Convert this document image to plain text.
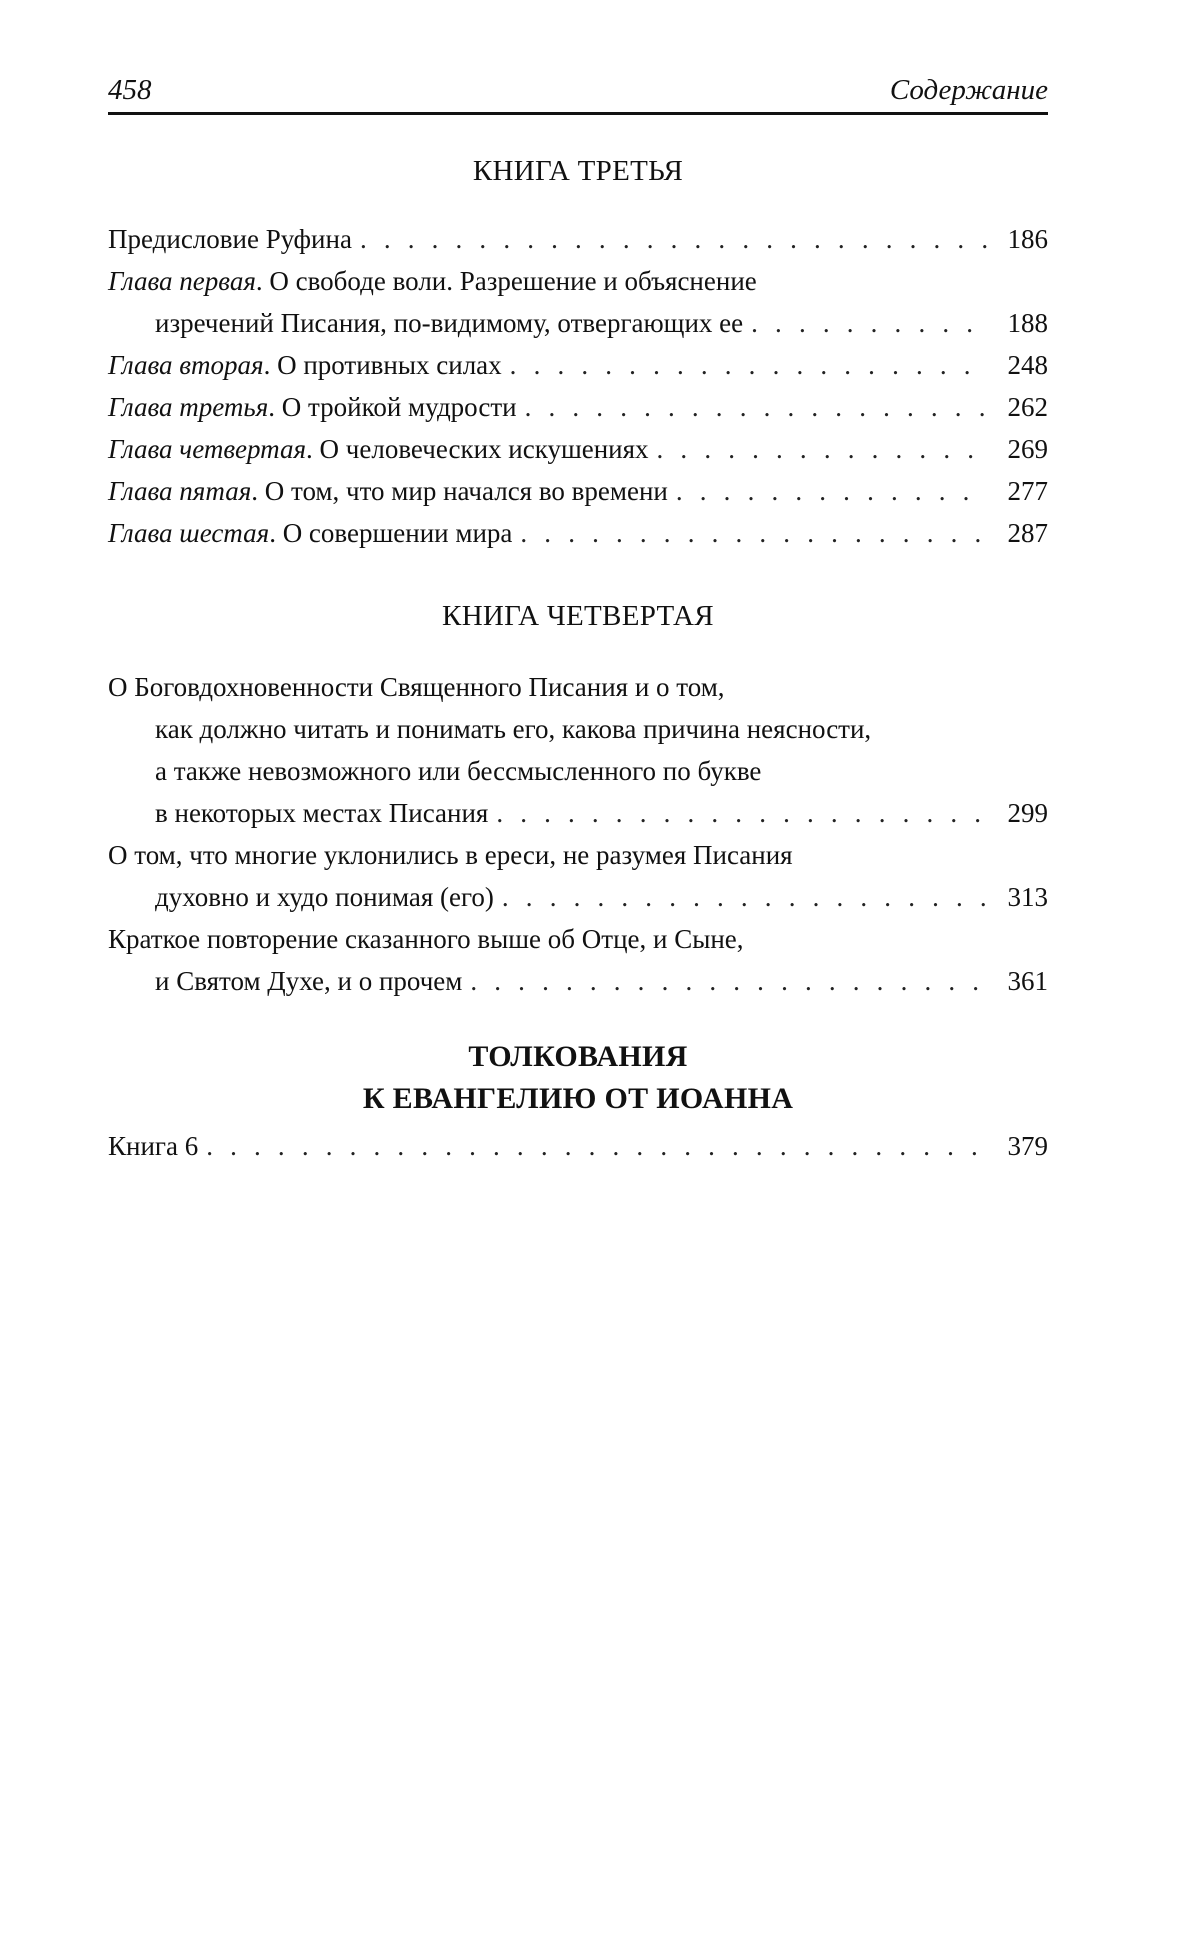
458	Содержание
КНИГА ТРЕТЬЯ
Предисловие Руфина . . .	186
Глава первая. О свободе воли. Разрешение и объяснение
изречений Писания, по-видимому, отвергающих ее . . .	188
Глава вторая. О противных силах . . .	248
Глава третья. О тройкой мудрости . . .	262
Глава четвертая. О человеческих искушениях . . .	269
Глава пятая. О том, что мир начался во времени . . .	277
Глава шестая. О совершении мира . . .	287
КНИГА ЧЕТВЕРТАЯ
О Боговдохновенности Священного Писания и о том,
как должно читать и понимать его, какова причина неясности,
а также невозможного или бессмысленного по букве
в некоторых местах Писания . . .	299
О том, что многие уклонились в ереси, не разумея Писания
духовно и худо понимая (его) . . .	313
Краткое повторение сказанного выше об Отце, и Сыне,
и Святом Духе, и о прочем . . .	361
ТОЛКОВАНИЯ
К ЕВАНГЕЛИЮ ОТ ИОАННА
Книга 6 . . .	379
